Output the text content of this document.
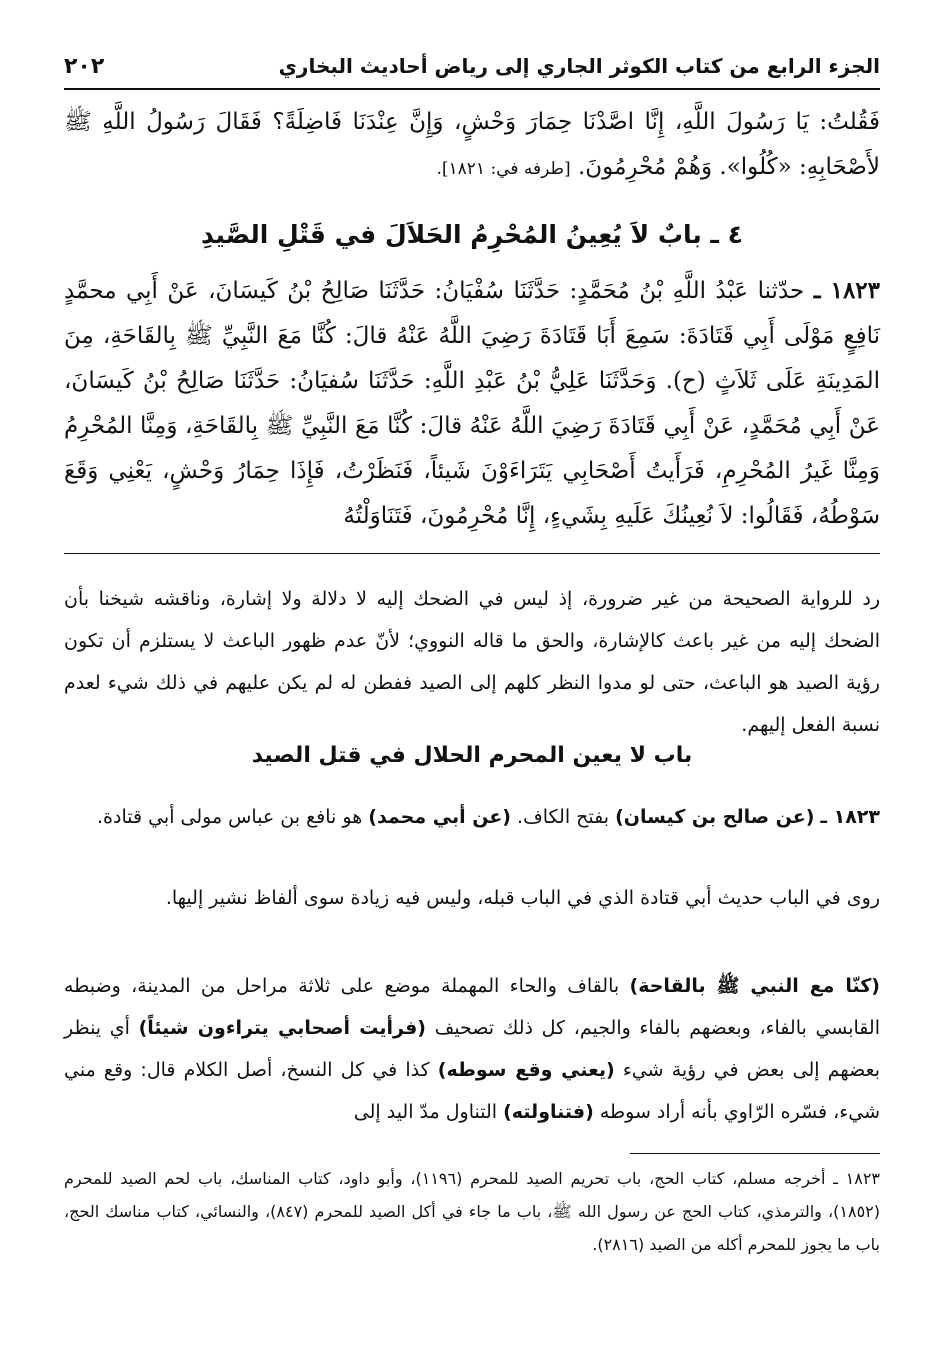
الجزء الرابع من كتاب الكوثر الجاري إلى رياض أحاديث البخاري
٢٠٢
فَقُلتُ: يَا رَسُولَ اللَّهِ، إِنَّا اصَّدْنَا حِمَارَ وَحْشٍ، وَإِنَّ عِنْدَنَا فَاضِلَةً؟ فَقَالَ رَسُولُ اللَّهِ ﷺ لأَصْحَابِهِ: «كُلُوا». وَهُمْ مُحْرِمُونَ. [طرفه في: ١٨٢١].
٤ ـ بابٌ لاَ يُعِينُ المُحْرِمُ الحَلاَلَ في قَتْلِ الصَّيدِ
١٨٢٣ ـ حدّثنا عَبْدُ اللَّهِ بْنُ مُحَمَّدٍ: حَدَّثَنَا سُفْيَانُ: حَدَّثَنَا صَالِحُ بْنُ كَيسَانَ، عَنْ أَبِي محمَّدٍ نَافِعٍ مَوْلَى أَبِي قَتَادَةَ: سَمِعَ أَبَا قَتَادَةَ رَضِيَ اللَّهُ عَنْهُ قالَ: كُنَّا مَعَ النَّبِيِّ ﷺ بِالقَاحَةِ، مِنَ المَدِينَةِ عَلَى ثَلاَثٍ (ح). وَحَدَّثَنَا عَلِيُّ بْنُ عَبْدِ اللَّهِ: حَدَّثَنَا سُفيَانُ: حَدَّثَنَا صَالِحُ بْنُ كَيسَانَ، عَنْ أَبِي مُحَمَّدٍ، عَنْ أَبِي قَتَادَةَ رَضِيَ اللَّهُ عَنْهُ قالَ: كُنَّا مَعَ النَّبِيِّ ﷺ بِالقَاحَةِ، وَمِنَّا المُحْرِمُ وَمِنَّا غَيرُ المُحْرِمِ، فَرَأَيتُ أَصْحَابِي يَتَرَاءَوْنَ شَيئاً، فَنَظَرْتُ، فَإِذَا حِمَارُ وَحْشٍ، يَعْنِي وَقَعَ سَوْطُهُ، فَقَالُوا: لاَ نُعِينُكَ عَلَيهِ بِشَيءٍ، إِنَّا مُحْرِمُونَ، فَتَنَاوَلْتُهُ
رد للرواية الصحيحة من غير ضرورة، إذ ليس في الضحك إليه لا دلالة ولا إشارة، وناقشه شيخنا بأن الضحك إليه من غير باعث كالإشارة، والحق ما قاله النووي؛ لأنّ عدم ظهور الباعث لا يستلزم أن تكون رؤية الصيد هو الباعث، حتى لو مدوا النظر كلهم إلى الصيد ففطن له لم يكن عليهم في ذلك شيء لعدم نسبة الفعل إليهم.
باب لا يعين المحرم الحلال في قتل الصيد
١٨٢٣ ـ (عن صالح بن كيسان) بفتح الكاف. (عن أبي محمد) هو نافع بن عباس مولى أبي قتادة.
روى في الباب حديث أبي قتادة الذي في الباب قبله، وليس فيه زيادة سوى ألفاظ نشير إليها.
(كنّا مع النبي ﷺ بالقاحة) بالقاف والحاء المهملة موضع على ثلاثة مراحل من المدينة، وضبطه القابسي بالفاء، وبعضهم بالفاء والجيم، كل ذلك تصحيف (فرأيت أصحابي يتراءون شيئاً) أي ينظر بعضهم إلى بعض في رؤية شيء (يعني وقع سوطه) كذا في كل النسخ، أصل الكلام قال: وقع مني شيء، فسّره الرّاوي بأنه أراد سوطه (فتناولته) التناول مدّ اليد إلى
١٨٢٣ ـ أخرجه مسلم، كتاب الحج، باب تحريم الصيد للمحرم (١١٩٦)، وأبو داود، كتاب المناسك، باب لحم الصيد للمحرم (١٨٥٢)، والترمذي، كتاب الحج عن رسول الله ﷺ، باب ما جاء في أكل الصيد للمحرم (٨٤٧)، والنسائي، كتاب مناسك الحج، باب ما يجوز للمحرم أكله من الصيد (٢٨١٦).
